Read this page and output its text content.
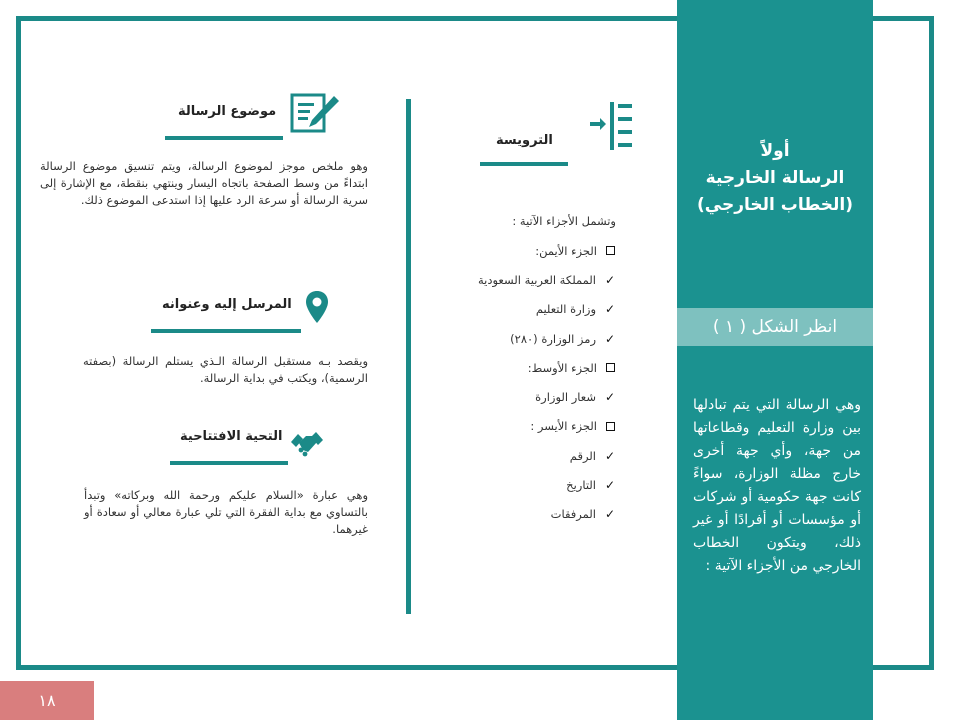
أولاً
الرسالة الخارجية
(الخطاب الخارجي)
انظر الشكل ( ١ )
وهي الرسالة التي يتم تبادلها بين وزارة التعليم وقطاعاتها من جهة، وأي جهة أخرى خارج مظلة الوزارة، سواءً كانت جهة حكومية أو شركات أو مؤسسات أو أفرادًا أو غير ذلك، ويتكون الخطاب الخارجي من الأجزاء الآتية :
الترويسة
وتشمل الأجزاء الآتية :
الجزء الأيمن:
✓
المملكة العربية السعودية
✓
وزارة التعليم
✓
رمز الوزارة (٢٨٠)
الجزء الأوسط:
✓
شعار الوزارة
الجزء الأيسر :
✓
الرقم
✓
التاريخ
✓
المرفقات
موضوع الرسالة
وهو ملخص موجز لموضوع الرسالة، ويتم تنسيق موضوع الرسالة ابتداءً من وسط الصفحة باتجاه اليسار وينتهي بنقطة، مع الإشارة إلى سرية الرسالة أو سرعة الرد عليها إذا استدعى الموضوع ذلك.
المرسل إليه وعنوانه
ويقصد بـه مستقبل الرسالة الـذي يستلم الرسالة (بصفته الرسمية)، ويكتب في بداية الرسالة.
التحية الافتتاحية
وهي عبارة «السلام عليكم ورحمة الله وبركاته» وتبدأ بالتساوي مع بداية الفقرة التي تلي عبارة معالي أو سعادة أو غيرهما.
١٨
